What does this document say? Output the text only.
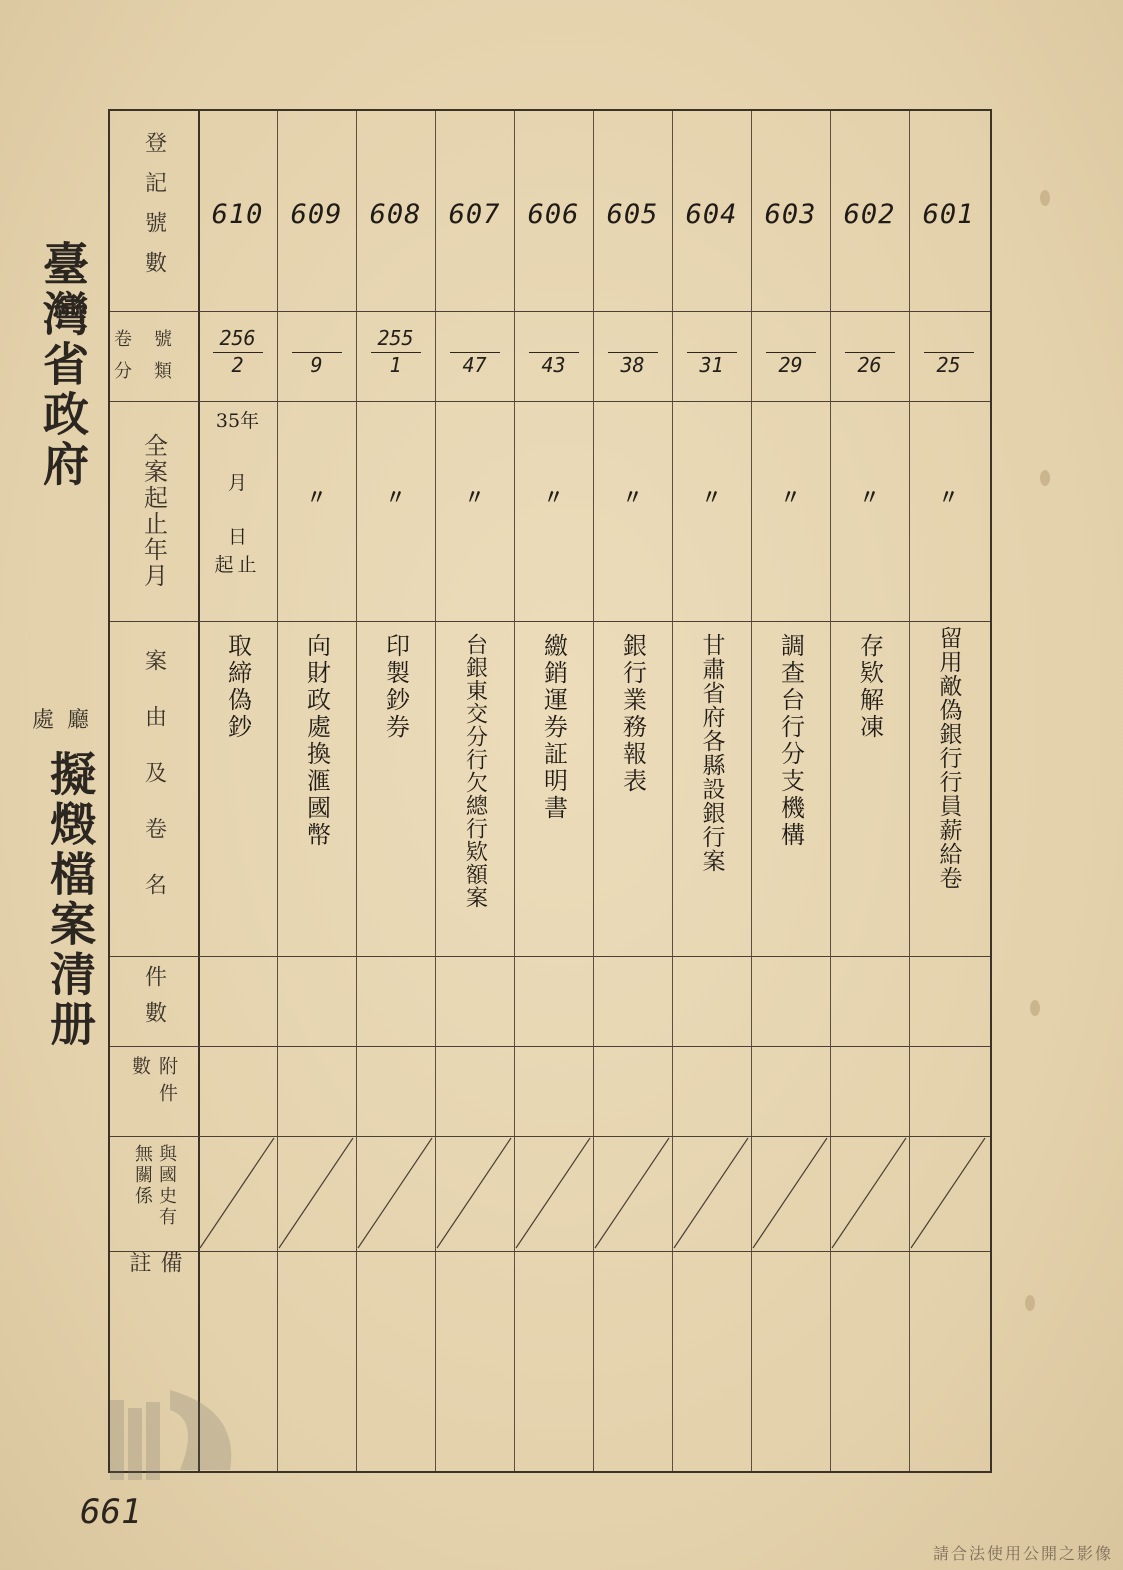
臺灣省政府
處 廳
擬燬檔案清册
登記號數
卷號
分類
全案起止年月
案由及卷名
件數
附件數
與國史有無關係
備註
610
256
2
35年
月
日
起止
取締偽鈔
609
9
〃
向財政處換滙國幣
608
255
1
〃
印製鈔券
607
47
〃
台銀東交分行欠總行欵額案
606
43
〃
繳銷運券証明書
605
38
〃
銀行業務報表
604
31
〃
甘肅省府各縣設銀行案
603
29
〃
調查台行分支機構
602
26
〃
存欵解凍
601
25
〃
留用敵偽銀行行員薪給卷
661
請合法使用公開之影像
